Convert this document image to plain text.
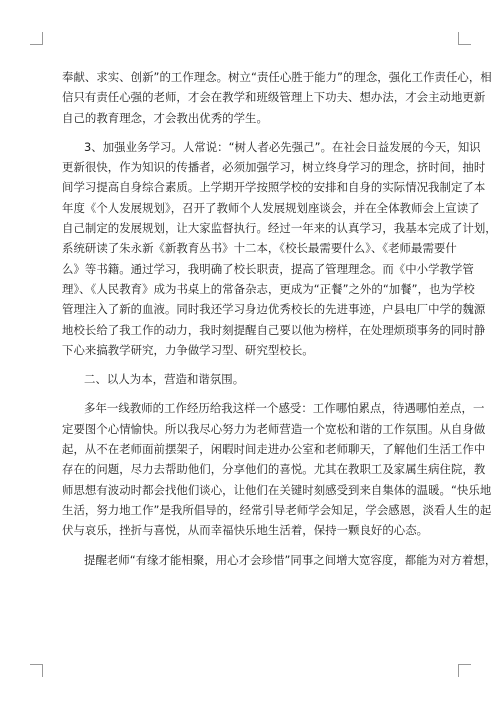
奉献、求实、创新”的工作理念。树立“责任心胜于能力”的理念，强化工作责任心，相
信只有责任心强的老师，才会在教学和班级管理上下功夫、想办法，才会主动地更新
自己的教育理念，才会教出优秀的学生。
3、加强业务学习。人常说：“树人者必先强己”。在社会日益发展的今天，知识
更新很快，作为知识的传播者，必须加强学习，树立终身学习的理念，挤时间，抽时
间学习提高自身综合素质。上学期开学按照学校的安排和自身的实际情况我制定了本
年度《个人发展规划》，召开了教师个人发展规划座谈会，并在全体教师会上宣读了
自己制定的发展规划，让大家监督执行。经过一年来的认真学习，我基本完成了计划，
系统研读了朱永新《新教育丛书》十二本，《校长最需要什么》、《老师最需要什
么》等书籍。通过学习，我明确了校长职责，提高了管理理念。而《中小学教学管
理》、《人民教育》成为书桌上的常备杂志，更成为“正餐”之外的“加餐”，也为学校
管理注入了新的血液。同时我还学习身边优秀校长的先进事迹，户县电厂中学的魏源
地校长给了我工作的动力，我时刻提醒自己要以他为榜样，在处理烦琐事务的同时静
下心来搞教学研究，力争做学习型、研究型校长。
二、以人为本，营造和谐氛围。
多年一线教师的工作经历给我这样一个感受：工作哪怕累点，待遇哪怕差点，一
定要图个心情愉快。所以我尽心努力为老师营造一个宽松和谐的工作氛围。从自身做
起，从不在老师面前摆架子，闲暇时间走进办公室和老师聊天，了解他们生活工作中
存在的问题，尽力去帮助他们，分享他们的喜悦。尤其在教职工及家属生病住院，教
师思想有波动时都会找他们谈心，让他们在关键时刻感受到来自集体的温暖。“快乐地
生活，努力地工作”是我所倡导的，经常引导老师学会知足，学会感恩，淡看人生的起
伏与哀乐，挫折与喜悦，从而幸福快乐地生活着，保持一颗良好的心态。
提醒老师“有缘才能相聚，用心才会珍惜”同事之间增大宽容度，都能为对方着想，
